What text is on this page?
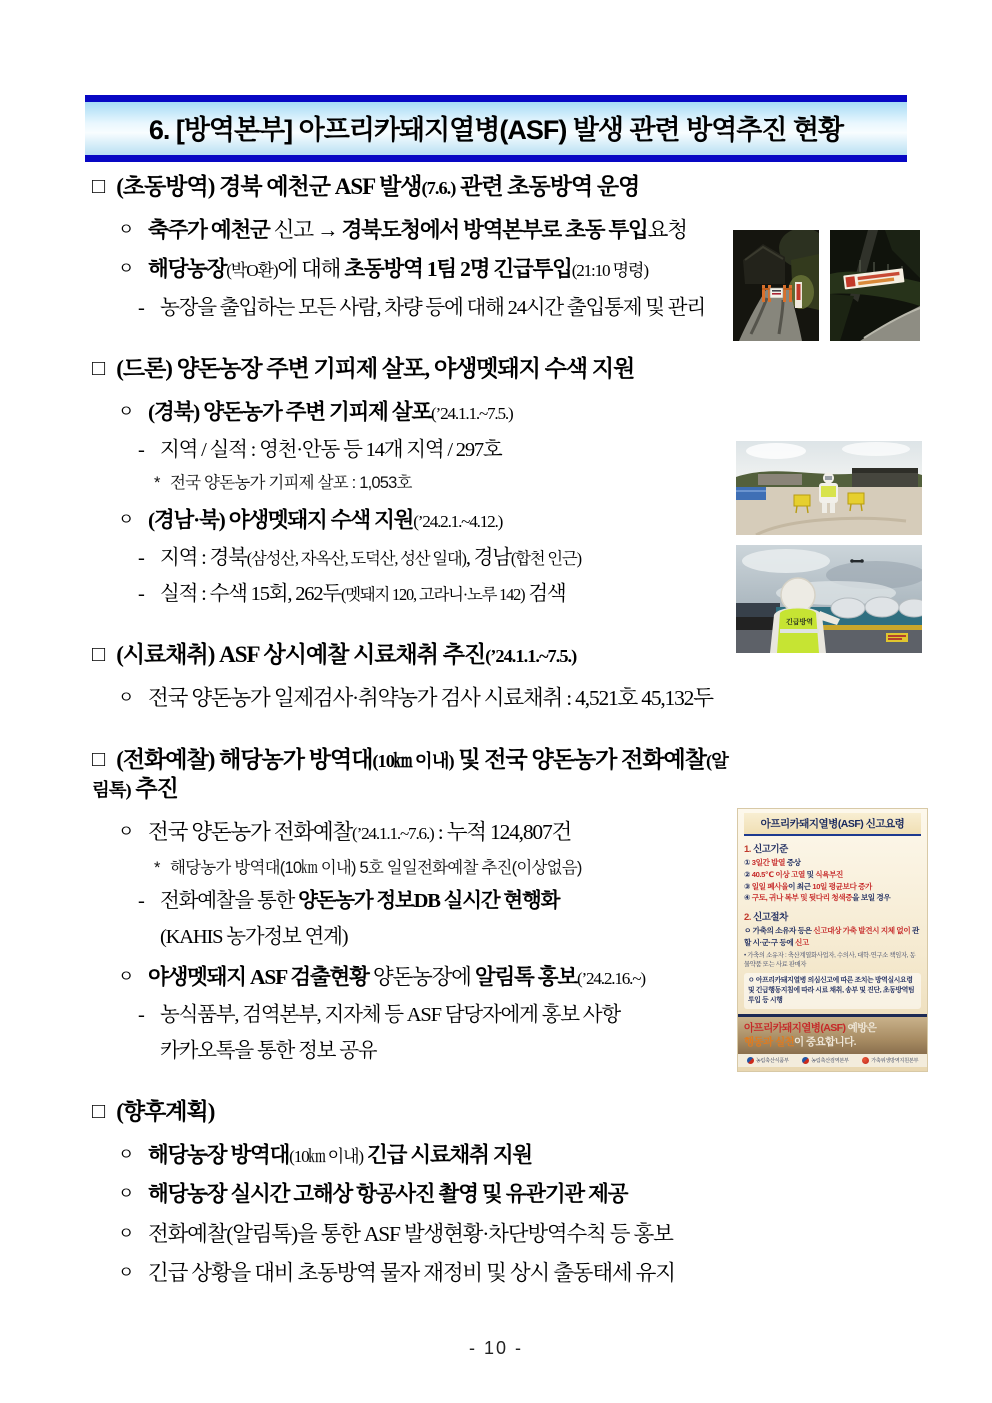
6. [방역본부] 아프리카돼지열병(ASF) 발생 관련 방역추진 현황
□ (초동방역) 경북 예천군 ASF 발생(7.6.) 관련 초동방역 운영
ㅇ 축주가 예천군 신고 → 경북도청에서 방역본부로 초동 투입요청
ㅇ 해당농장(박O환)에 대해 초동방역 1팀 2명 긴급투입(21:10 명령)
- 농장을 출입하는 모든 사람, 차량 등에 대해 24시간 출입통제 및 관리
□ (드론) 양돈농장 주변 기피제 살포, 야생멧돼지 수색 지원
ㅇ (경북) 양돈농가 주변 기피제 살포(’24.1.1.~7.5.)
- 지역 / 실적 : 영천·안동 등 14개 지역 / 297호
* 전국 양돈농가 기피제 살포 : 1,053호
ㅇ (경남·북) 야생멧돼지 수색 지원(’24.2.1.~4.12.)
- 지역 : 경북(삼성산, 자옥산, 도덕산, 성산 일대), 경남(합천 인근)
- 실적 : 수색 15회, 262두(멧돼지 120, 고라니·노루 142) 검색
□ (시료채취) ASF 상시예찰 시료채취 추진(’24.1.1.~7.5.)
ㅇ 전국 양돈농가 일제검사·취약농가 검사 시료채취 : 4,521호 45,132두
□ (전화예찰) 해당농가 방역대(10㎞ 이내) 및 전국 양돈농가 전화예찰(알림톡) 추진
ㅇ 전국 양돈농가 전화예찰(’24.1.1.~7.6.) : 누적 124,807건
* 해당농가 방역대(10㎞ 이내) 5호 일일전화예찰 추진(이상없음)
- 전화예찰을 통한 양돈농가 정보DB 실시간 현행화
(KAHIS 농가정보 연계)
ㅇ 야생멧돼지 ASF 검출현황 양돈농장에 알림톡 홍보(’24.2.16.~)
- 농식품부, 검역본부, 지자체 등 ASF 담당자에게 홍보 사항
카카오톡을 통한 정보 공유
□ (향후계획)
ㅇ 해당농장 방역대(10㎞ 이내) 긴급 시료채취 지원
ㅇ 해당농장 실시간 고해상 항공사진 촬영 및 유관기관 제공
ㅇ 전화예찰(알림톡)을 통한 ASF 발생현황·차단방역수칙 등 홍보
ㅇ 긴급 상황을 대비 초동방역 물자 재정비 및 상시 출동태세 유지
긴급방역
아프리카돼지열병(ASF) 신고요령
1. 신고기준
① 3일간 발열 증상
② 40.5℃ 이상 고열 및 식욕부진
③ 일일 폐사율이 최근 10일 평균보다 증가
④ 구토, 귀나 복부 및 뒷다리 청색증을 보일 경우
2. 신고절차
ㅇ 가축의 소유자 등은 신고대상 가축 발견시 지체 없이 관할 시·군·구 등에 신고
• 가축의 소유자 : 축산계열화사업자, 수의사, 대학·연구소 책임자, 동물약품 또는 사료 판매자
ㅇ 아프리카돼지열병 의심신고에 따른 조치는 방역실시요령 및 긴급행동지침에 따라 시료 채취, 송부 및 진단, 초동방역팀 투입 등 시행
아프리카돼지열병(ASF) 예방은
행동과 실천이 중요합니다.
농림축산식품부	농림축산검역본부	가축위생방역지원본부
- 10 -
